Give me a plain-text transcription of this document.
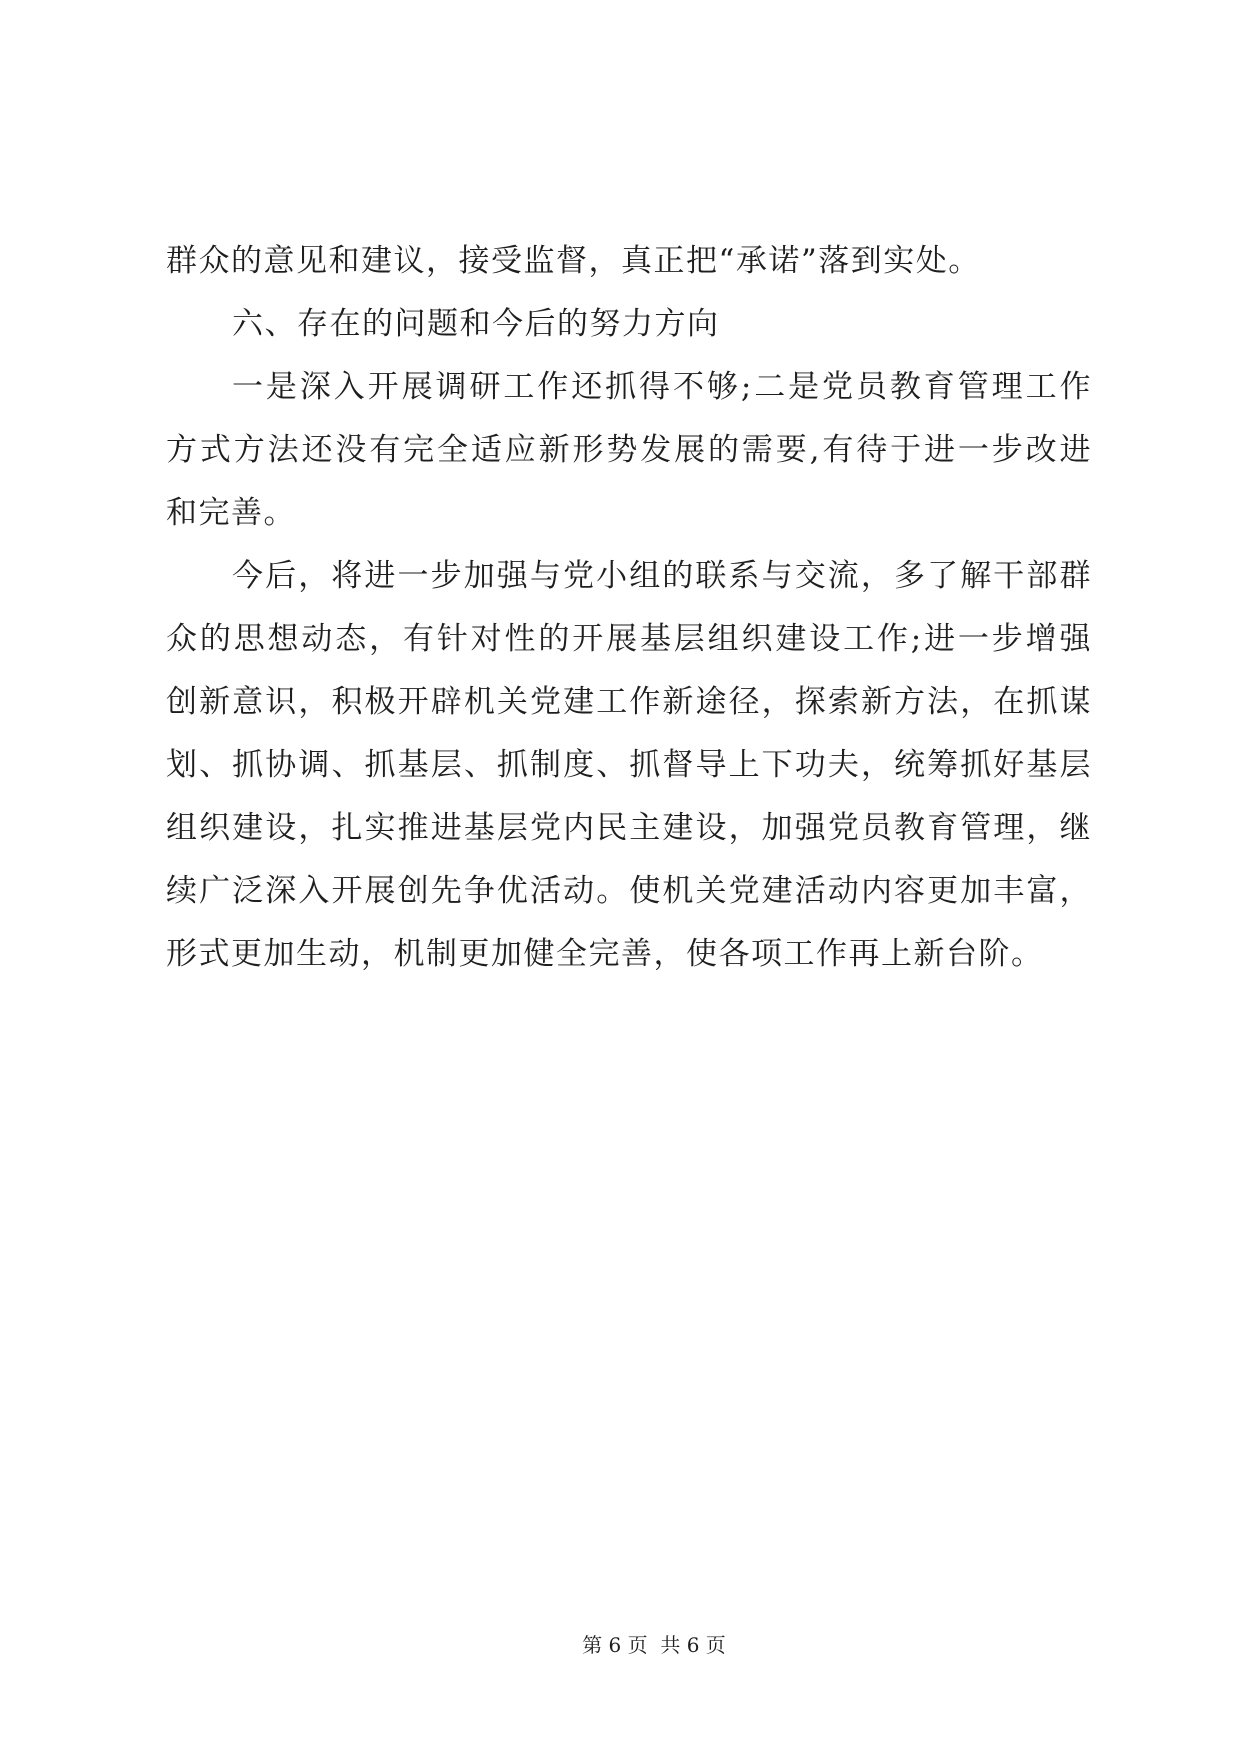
群众的意见和建议，接受监督，真正把“承诺”落到实处。
六、存在的问题和今后的努力方向
一是深入开展调研工作还抓得不够;二是党员教育管理工作
方式方法还没有完全适应新形势发展的需要,有待于进一步改进
和完善。
今后，将进一步加强与党小组的联系与交流，多了解干部群
众的思想动态，有针对性的开展基层组织建设工作;进一步增强
创新意识，积极开辟机关党建工作新途径，探索新方法，在抓谋
划、抓协调、抓基层、抓制度、抓督导上下功夫，统筹抓好基层
组织建设，扎实推进基层党内民主建设，加强党员教育管理，继
续广泛深入开展创先争优活动。使机关党建活动内容更加丰富，
形式更加生动，机制更加健全完善，使各项工作再上新台阶。
第 6 页  共 6 页
